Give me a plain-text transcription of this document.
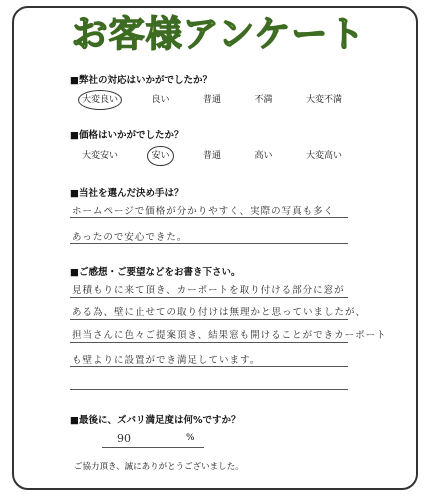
お客様アンケート
■弊社の対応はいかがでしたか？
大変良い	良い	普通	不満	大変不満
■価格はいかがでしたか？
大変安い	安い	普通	高い	大変高い
■当社を選んだ決め手は？
ホームページで価格が分かりやすく、実際の写真も多く
あったので安心できた。
■ご感想・ご要望などをお書き下さい。
見積もりに来て頂き、カーポートを取り付ける部分に窓が
ある為、壁に止せての取り付けは無理かと思っていましたが、
担当さんに色々ご提案頂き、結果窓も開けることができカーポート
も壁よりに設置ができ満足しています。
■最後に、ズバリ満足度は何%ですか？
90	%
ご協力頂き、誠にありがとうございました。
